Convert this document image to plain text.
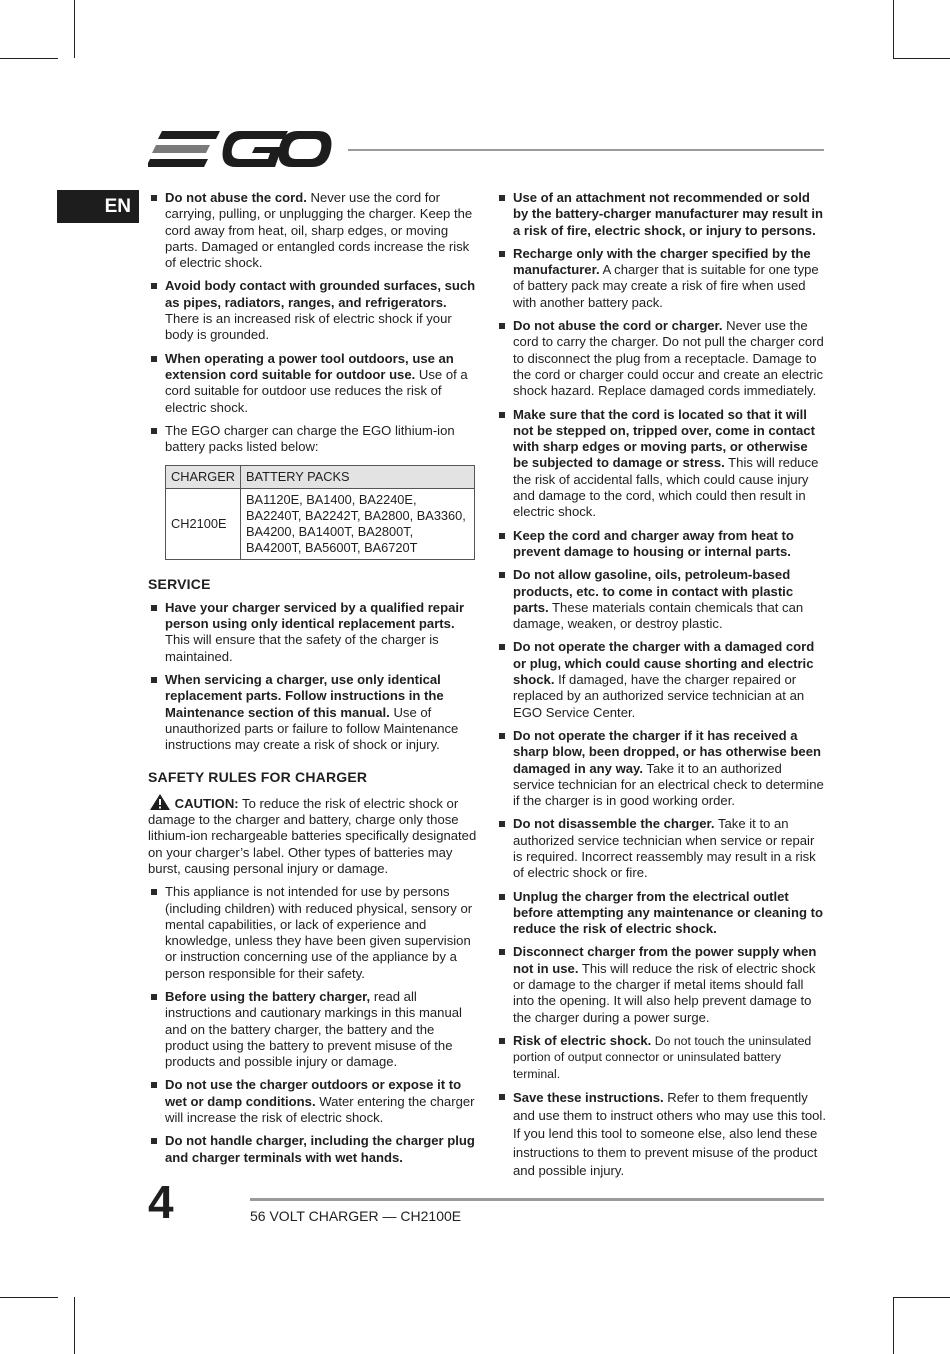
EN	Do not abuse the cord. Never use the cord for carrying, pulling, or unplugging the charger. Keep the cord away from heat, oil, sharp edges, or moving parts. Damaged or entangled cords increase the risk of electric shock.
Avoid body contact with grounded surfaces, such as pipes, radiators, ranges, and refrigerators. There is an increased risk of electric shock if your body is grounded.
When operating a power tool outdoors, use an extension cord suitable for outdoor use. Use of a cord suitable for outdoor use reduces the risk of electric shock.
The EGO charger can charge the EGO lithium-ion battery packs listed below:
CHARGER	BATTERY PACKS
CH2100E	BA1120E, BA1400, BA2240E, BA2240T, BA2242T, BA2800, BA3360, BA4200, BA1400T, BA2800T, BA4200T, BA5600T, BA6720T
SERVICE
Have your charger serviced by a qualified repair person using only identical replacement parts. This will ensure that the safety of the charger is maintained.
When servicing a charger, use only identical replacement parts. Follow instructions in the Maintenance section of this manual. Use of unauthorized parts or failure to follow Maintenance instructions may create a risk of shock or injury.
SAFETY RULES FOR CHARGER

CAUTION: To reduce the risk of electric shock or damage to the charger and battery, charge only those lithium-ion rechargeable batteries specifically designated on your charger’s label. Other types of batteries may burst, causing personal injury or damage.

This appliance is not intended for use by persons (including children) with reduced physical, sensory or mental capabilities, or lack of experience and knowledge, unless they have been given supervision or instruction concerning use of the appliance by a person responsible for their safety.
Before using the battery charger, read all instructions and cautionary markings in this manual and on the battery charger, the battery and the product using the battery to prevent misuse of the products and possible injury or damage.
Do not use the charger outdoors or expose it to wet or damp conditions. Water entering the charger will increase the risk of electric shock.
Do not handle charger, including the charger plug and charger terminals with wet hands.
Use of an attachment not recommended or sold by the battery-charger manufacturer may result in a risk of fire, electric shock, or injury to persons.
Recharge only with the charger specified by the manufacturer. A charger that is suitable for one type of battery pack may create a risk of fire when used with another battery pack.
Do not abuse the cord or charger. Never use the cord to carry the charger. Do not pull the charger cord to disconnect the plug from a receptacle. Damage to the cord or charger could occur and create an electric shock hazard. Replace damaged cords immediately.
Make sure that the cord is located so that it will not be stepped on, tripped over, come in contact with sharp edges or moving parts, or otherwise be subjected to damage or stress. This will reduce the risk of accidental falls, which could cause injury and damage to the cord, which could then result in electric shock.
Keep the cord and charger away from heat to prevent damage to housing or internal parts.
Do not allow gasoline, oils, petroleum-based products, etc. to come in contact with plastic parts. These materials contain chemicals that can damage, weaken, or destroy plastic.
Do not operate the charger with a damaged cord or plug, which could cause shorting and electric shock. If damaged, have the charger repaired or replaced by an authorized service technician at an EGO Service Center.
Do not operate the charger if it has received a sharp blow, been dropped, or has otherwise been damaged in any way. Take it to an authorized service technician for an electrical check to determine if the charger is in good working order.
Do not disassemble the charger. Take it to an authorized service technician when service or repair is required. Incorrect reassembly may result in a risk of electric shock or fire.
Unplug the charger from the electrical outlet before attempting any maintenance or cleaning to reduce the risk of electric shock.
Disconnect charger from the power supply when not in use. This will reduce the risk of electric shock or damage to the charger if metal items should fall into the opening. It will also help prevent damage to the charger during a power surge.
Risk of electric shock. Do not touch the uninsulated portion of output connector or uninsulated battery terminal.
Save these instructions. Refer to them frequently and use them to instruct others who may use this tool. If you lend this tool to someone else, also lend these instructions to them to prevent misuse of the product and possible injury.
4	56 VOLT CHARGER — CH2100E
